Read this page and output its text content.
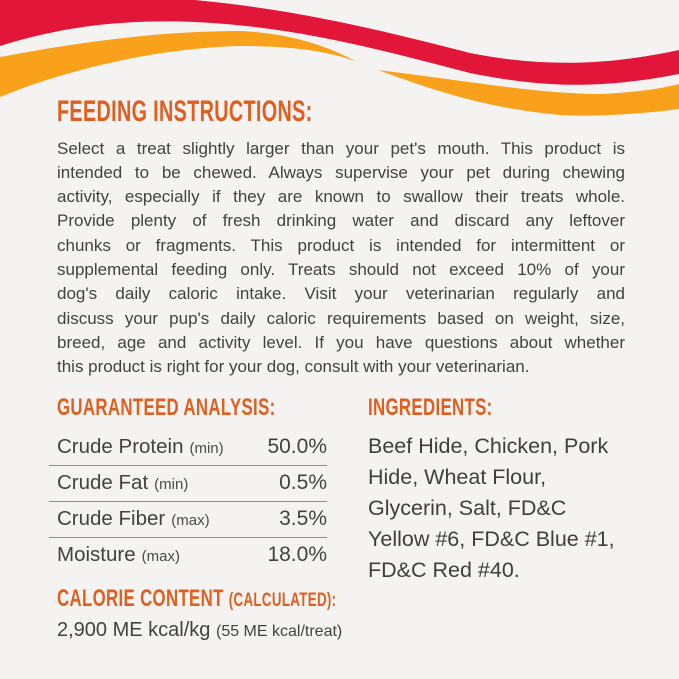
FEEDING INSTRUCTIONS:
Select a treat slightly larger than your pet's mouth. This product is
intended to be chewed. Always supervise your pet during chewing
activity, especially if they are known to swallow their treats whole.
Provide plenty of fresh drinking water and discard any leftover
chunks or fragments. This product is intended for intermittent or
supplemental feeding only. Treats should not exceed 10% of your
dog's daily caloric intake. Visit your veterinarian regularly and
discuss your pup's daily caloric requirements based on weight, size,
breed, age and activity level. If you have questions about whether
this product is right for your dog, consult with your veterinarian.
GUARANTEED ANALYSIS:
Crude Protein (min) 50.0%
Crude Fat (min)	0.5%
Crude Fiber (max)	3.5%
Moisture (max)	18.0%
CALORIE CONTENT (CALCULATED):
2,900 ME kcal/kg (55 ME kcal/treat)
INGREDIENTS:
Beef Hide, Chicken, Pork
Hide, Wheat Flour,
Glycerin, Salt, FD&C
Yellow #6, FD&C Blue #1,
FD&C Red #40.
